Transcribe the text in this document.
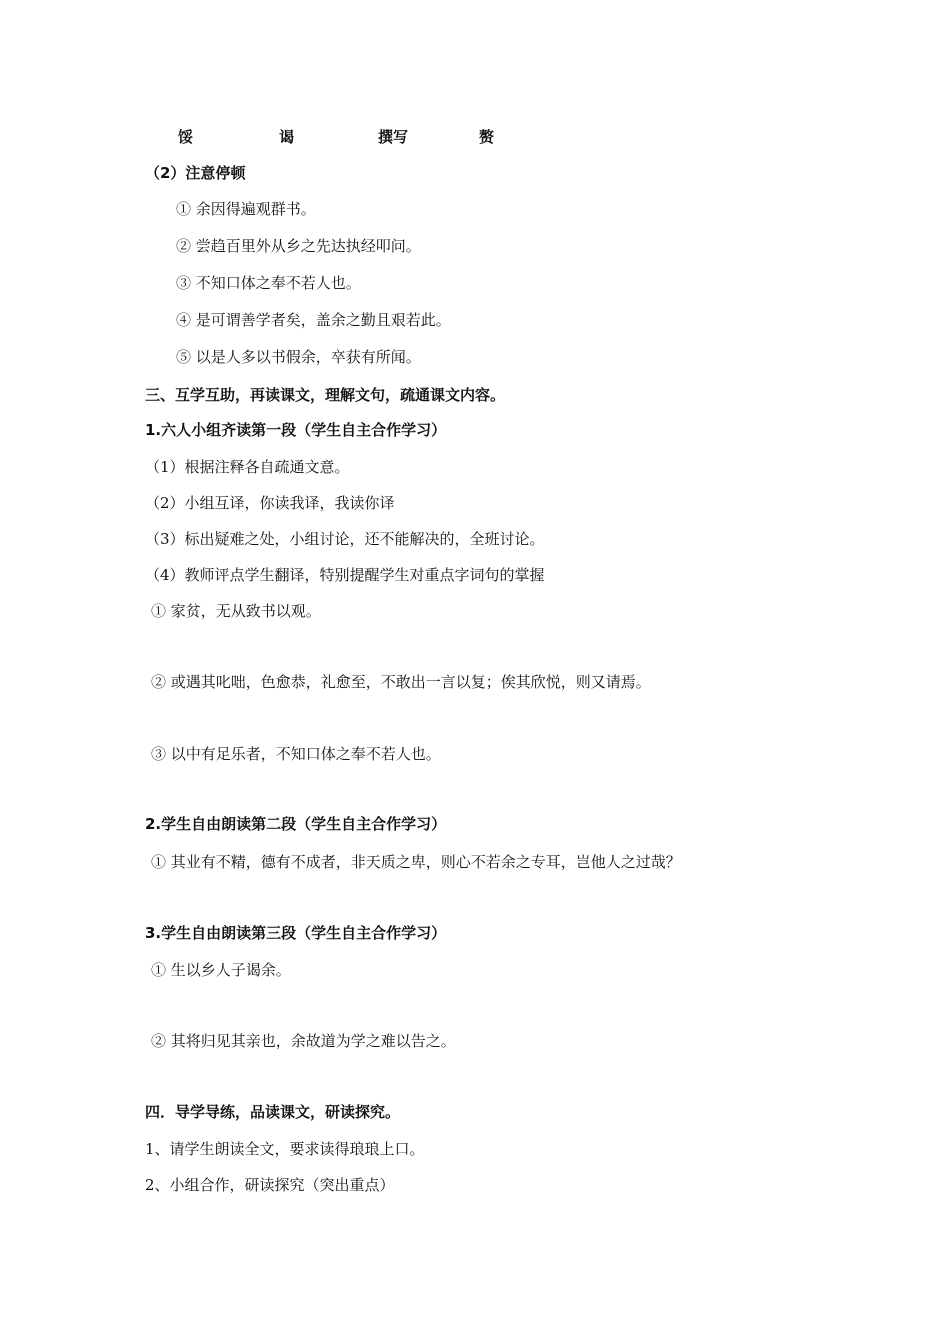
馁	谒	撰写	赘
（2）注意停顿
① 余因得遍观群书。
② 尝趋百里外从乡之先达执经叩问。
③ 不知口体之奉不若人也。
④ 是可谓善学者矣，盖余之勤且艰若此。
⑤ 以是人多以书假余，卒获有所闻。
三、互学互助，再读课文，理解文句，疏通课文内容。
1.六人小组齐读第一段（学生自主合作学习）
（1）根据注释各自疏通文意。
（2）小组互译，你读我译，我读你译
（3）标出疑难之处，小组讨论，还不能解决的，全班讨论。
（4）教师评点学生翻译，特别提醒学生对重点字词句的掌握
① 家贫，无从致书以观。
② 或遇其叱咄，色愈恭，礼愈至，不敢出一言以复；俟其欣悦，则又请焉。
③ 以中有足乐者，不知口体之奉不若人也。
2.学生自由朗读第二段（学生自主合作学习）
① 其业有不精，德有不成者，非天质之卑，则心不若余之专耳，岂他人之过哉？
3.学生自由朗读第三段（学生自主合作学习）
① 生以乡人子谒余。
② 其将归见其亲也，余故道为学之难以告之。
四．导学导练，品读课文，研读探究。
1、请学生朗读全文，要求读得琅琅上口。
2、小组合作，研读探究（突出重点）
